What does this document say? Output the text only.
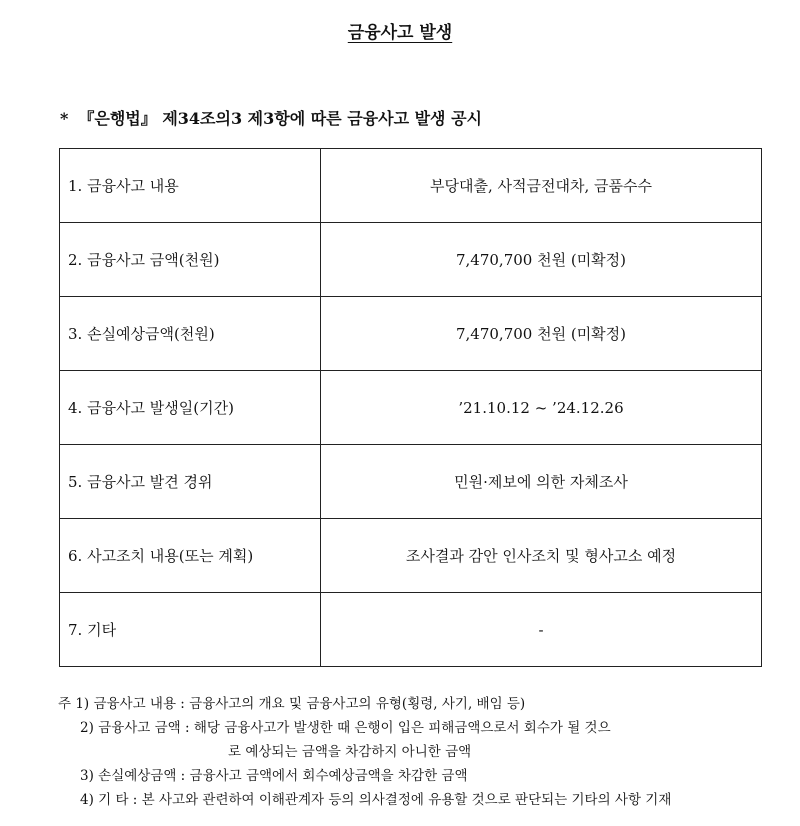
금융사고 발생
* 『은행법』 제34조의3 제3항에 따른 금융사고 발생 공시
1. 금융사고 내용	부당대출, 사적금전대차, 금품수수
2. 금융사고 금액(천원)	7,470,700 천원 (미확정)
3. 손실예상금액(천원)	7,470,700 천원 (미확정)
4. 금융사고 발생일(기간)	’21.10.12 ~ ’24.12.26
5. 금융사고 발견 경위	민원·제보에 의한 자체조사
6. 사고조치 내용(또는 계획)	조사결과 감안 인사조치 및 형사고소 예정
7. 기타	-
주 1) 금융사고 내용 : 금융사고의 개요 및 금융사고의 유형(횡령, 사기, 배임 등)
2) 금융사고 금액 : 해당 금융사고가 발생한 때 은행이 입은 피해금액으로서 회수가 될 것으
로 예상되는 금액을 차감하지 아니한 금액
3) 손실예상금액 : 금융사고 금액에서 회수예상금액을 차감한 금액
4) 기 타 : 본 사고와 관련하여 이해관계자 등의 의사결정에 유용할 것으로 판단되는 기타의 사항 기재
